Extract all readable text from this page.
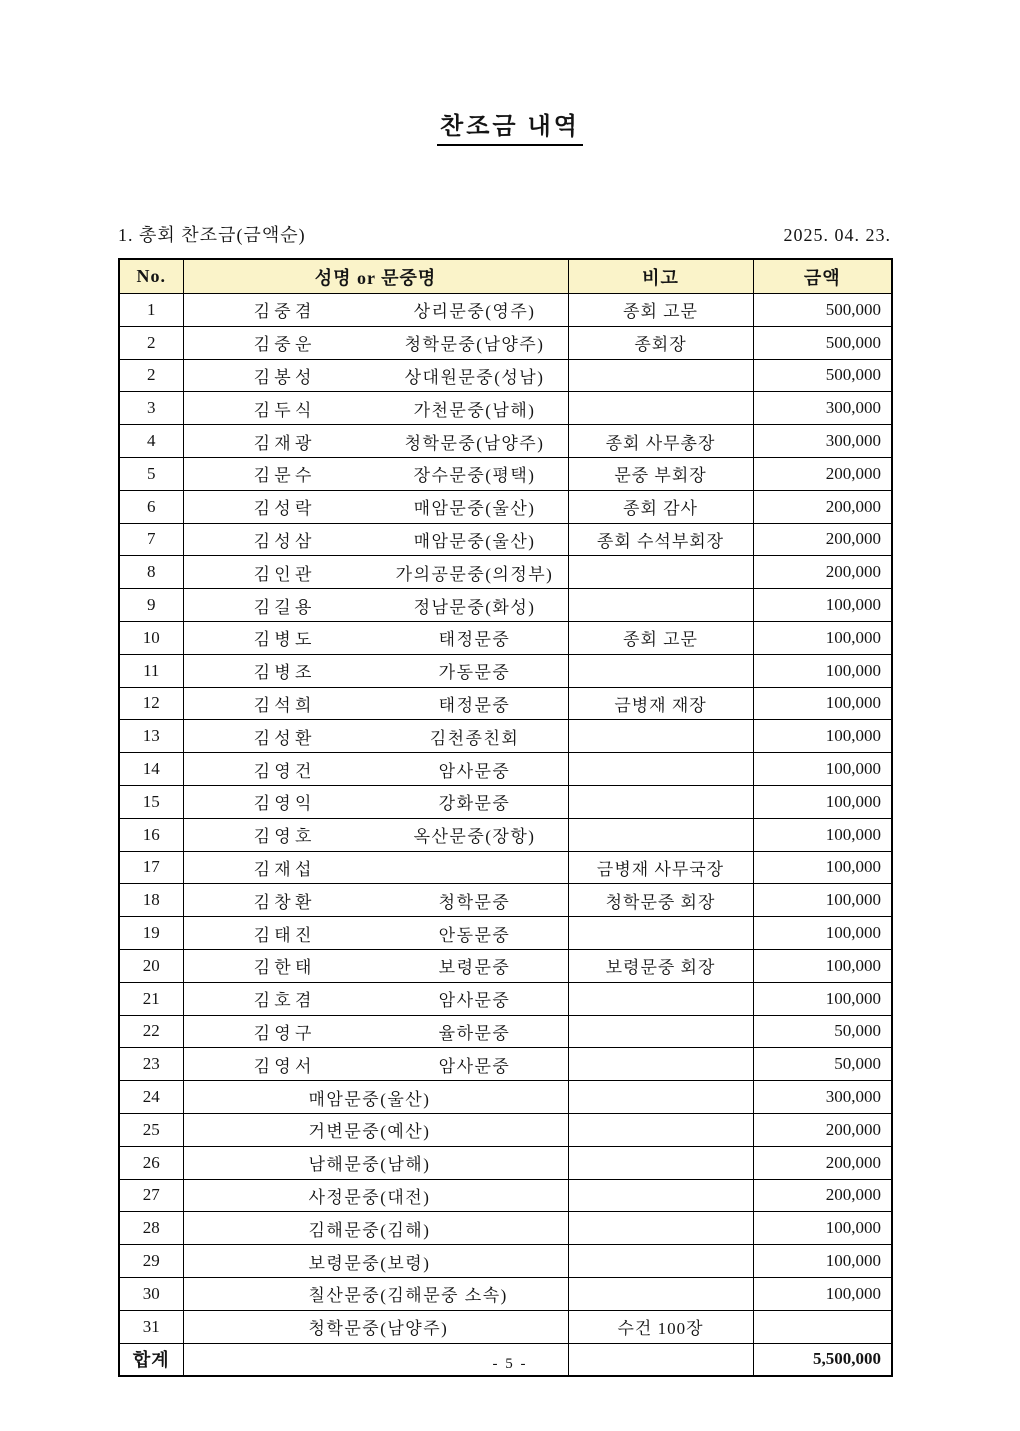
찬조금 내역
1. 총회 찬조금(금액순)	2025. 04. 23.
No.	성명 or 문중명	비고	금액
1	김 중 겸 상리문중(영주)	종회 고문	500,000
2	김 중 운 청학문중(남양주)	종회장	500,000
2	김 봉 성 상대원문중(성남)		500,000
3	김 두 식 가천문중(남해)		300,000
4	김 재 광 청학문중(남양주)	종회 사무총장	300,000
5	김 문 수 장수문중(평택)	문중 부회장	200,000
6	김 성 락 매암문중(울산)	종회 감사	200,000
7	김 성 삼 매암문중(울산)	종회 수석부회장	200,000
8	김 인 관 가의공문중(의정부)		200,000
9	김 길 용 정남문중(화성)		100,000
10	김 병 도 태정문중	종회 고문	100,000
11	김 병 조 가동문중		100,000
12	김 석 희 태정문중	금병재 재장	100,000
13	김 성 환 김천종친회		100,000
14	김 영 건 암사문중		100,000
15	김 영 익 강화문중		100,000
16	김 영 호 옥산문중(장항)		100,000
17	김 재 섭	금병재 사무국장	100,000
18	김 창 환 청학문중	청학문중 회장	100,000
19	김 태 진 안동문중		100,000
20	김 한 태 보령문중	보령문중 회장	100,000
21	김 호 겸 암사문중		100,000
22	김 영 구 율하문중		50,000
23	김 영 서 암사문중		50,000
24	매암문중(울산)		300,000
25	거변문중(예산)		200,000
26	남해문중(남해)		200,000
27	사정문중(대전)		200,000
28	김해문중(김해)		100,000
29	보령문중(보령)		100,000
30	칠산문중(김해문중 소속)		100,000
31	청학문중(남양주)	수건 100장	
합계			5,500,000
- 5 -
